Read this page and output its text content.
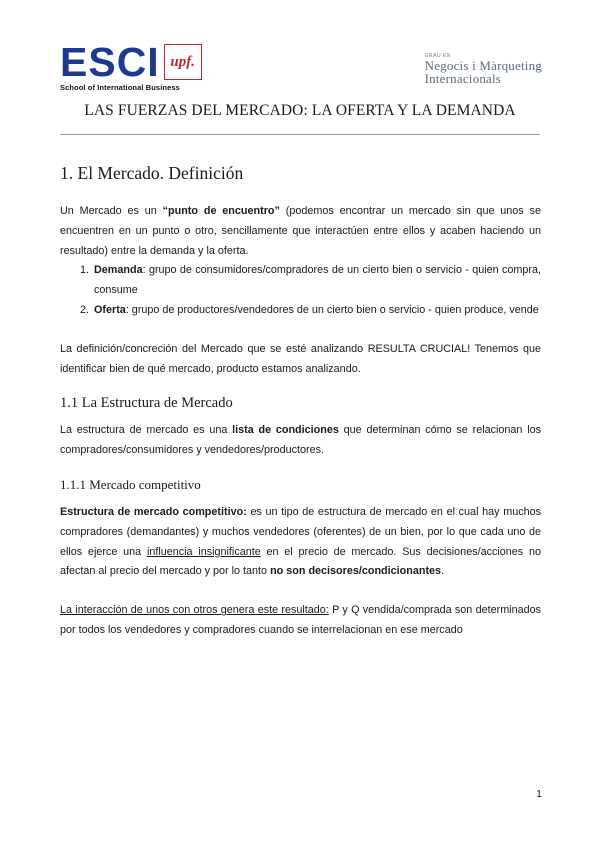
ESCI upf.
School of International Business
GRAU EN
Negocis i Màrqueting
Internacionals
LAS FUERZAS DEL MERCADO: LA OFERTA Y LA DEMANDA
1. El Mercado. Definición

Un Mercado es un “punto de encuentro” (podemos encontrar un mercado sin que unos se encuentren en un punto o otro, sencillamente que interactúen entre ellos y acaben haciendo un resultado) entre la demanda y la oferta.

1. Demanda: grupo de consumidores/compradores de un cierto bien o servicio - quien compra, consume
2. Oferta: grupo de productores/vendedores de un cierto bien o servicio - quien produce, vende

La definición/concreción del Mercado que se esté analizando RESULTA CRUCIAL! Tenemos que identificar bien de qué mercado, producto estamos analizando.

1.1 La Estructura de Mercado

La estructura de mercado es una lista de condiciones que determinan cómo se relacionan los compradores/consumidores y vendedores/productores.

1.1.1 Mercado competitivo

Estructura de mercado competitivo: es un tipo de estructura de mercado en el cual hay muchos compradores (demandantes) y muchos vendedores (oferentes) de un bien, por lo que cada uno de ellos ejerce una influencia insignificante en el precio de mercado. Sus decisiones/acciones no afectan al precio del mercado y por lo tanto no son decisores/condicionantes.

La interacción de unos con otros genera este resultado: P y Q vendida/comprada son determinados por todos los vendedores y compradores cuando se interrelacionan en ese mercado

1
